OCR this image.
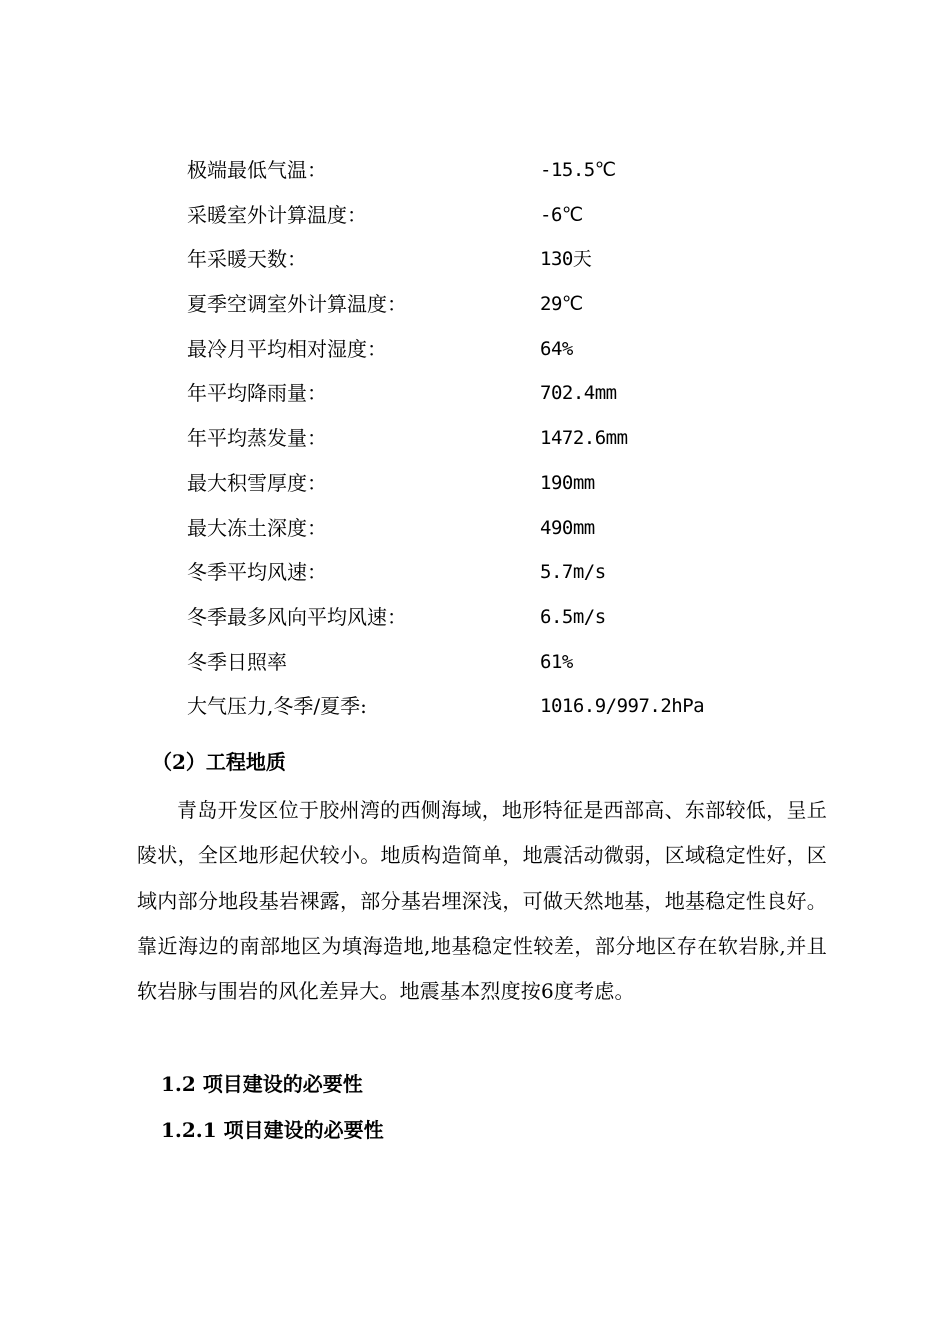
极端最低气温：	-15.5℃
采暖室外计算温度：	-6℃
年采暖天数：	130天
夏季空调室外计算温度：	29℃
最冷月平均相对湿度：	64%
年平均降雨量：	702.4mm
年平均蒸发量：	1472.6mm
最大积雪厚度：	190mm
最大冻土深度：	490mm
冬季平均风速：	5.7m/s
冬季最多风向平均风速：	6.5m/s
冬季日照率	61%
大气压力,冬季/夏季:	1016.9/997.2hPa
（2）工程地质

青岛开发区位于胶州湾的西侧海域，地形特征是西部高、东部较低，呈丘陵状，全区地形起伏较小。地质构造简单，地震活动微弱，区域稳定性好，区域内部分地段基岩裸露，部分基岩埋深浅，可做天然地基，地基稳定性良好。靠近海边的南部地区为填海造地,地基稳定性较差，部分地区存在软岩脉,并且软岩脉与围岩的风化差异大。地震基本烈度按6度考虑。

1.2 项目建设的必要性
1.2.1 项目建设的必要性
